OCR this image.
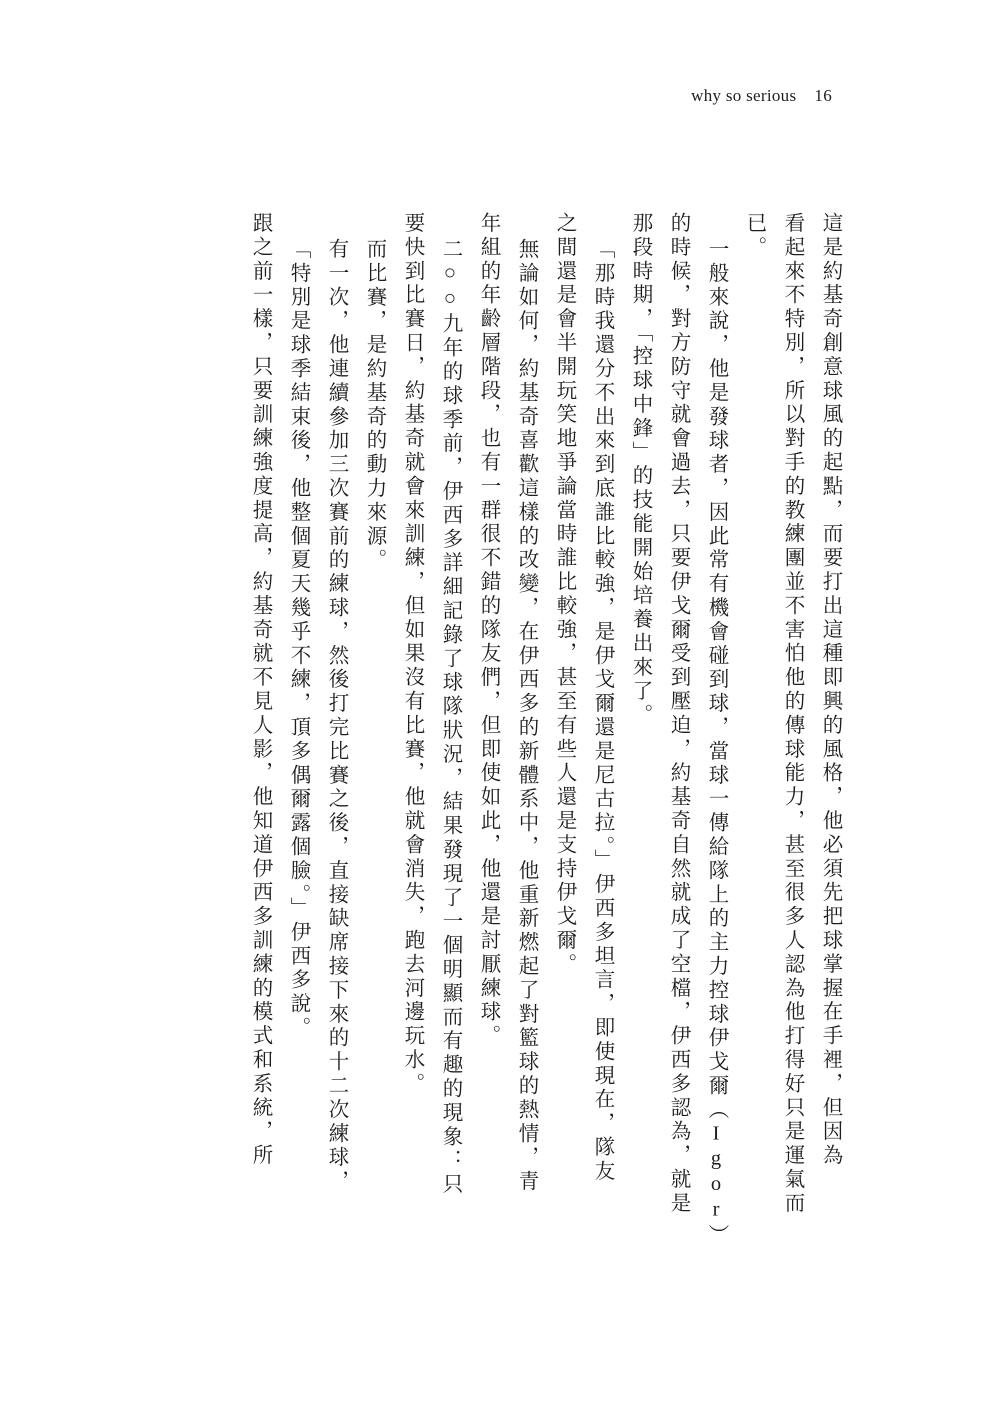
why so serious 16
這是約基奇創意球風的起點，而要打出這種即興的風格，他必須先把球掌握在手裡，但因為
看起來不特別，所以對手的教練團並不害怕他的傳球能力，甚至很多人認為他打得好只是運氣而
已。
一般來說，他是發球者，因此常有機會碰到球，當球一傳給隊上的主力控球伊戈爾（Igor）
的時候，對方防守就會過去，只要伊戈爾受到壓迫，約基奇自然就成了空檔，伊西多認為，就是
那段時期，「控球中鋒」的技能開始培養出來了。
「那時我還分不出來到底誰比較強，是伊戈爾還是尼古拉。」伊西多坦言，即使現在，隊友
之間還是會半開玩笑地爭論當時誰比較強，甚至有些人還是支持伊戈爾。
無論如何，約基奇喜歡這樣的改變，在伊西多的新體系中，他重新燃起了對籃球的熱情，青
年組的年齡層階段，也有一群很不錯的隊友們，但即使如此，他還是討厭練球。
二○○九年的球季前，伊西多詳細記錄了球隊狀況，結果發現了一個明顯而有趣的現象：只
要快到比賽日，約基奇就會來訓練，但如果沒有比賽，他就會消失，跑去河邊玩水。
而比賽，是約基奇的動力來源。
有一次，他連續參加三次賽前的練球，然後打完比賽之後，直接缺席接下來的十二次練球，
「特別是球季結束後，他整個夏天幾乎不練，頂多偶爾露個臉。」伊西多說。
跟之前一樣，只要訓練強度提高，約基奇就不見人影，他知道伊西多訓練的模式和系統，所
